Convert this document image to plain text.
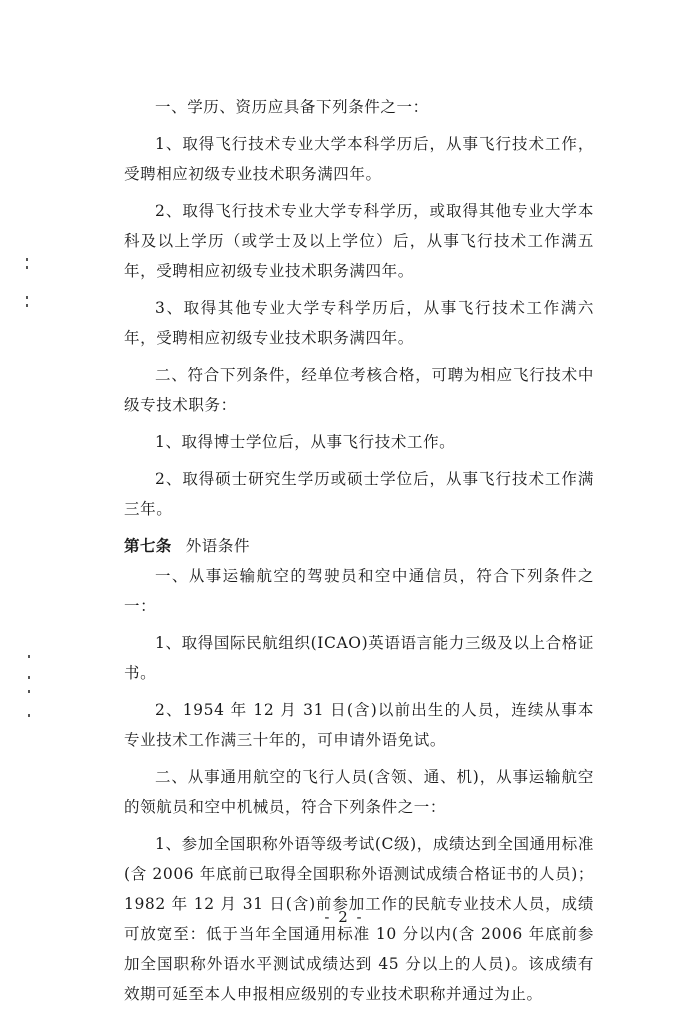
一、学历、资历应具备下列条件之一：

1、取得飞行技术专业大学本科学历后，从事飞行技术工作，受聘相应初级专业技术职务满四年。

2、取得飞行技术专业大学专科学历，或取得其他专业大学本科及以上学历（或学士及以上学位）后，从事飞行技术工作满五年，受聘相应初级专业技术职务满四年。

3、取得其他专业大学专科学历后，从事飞行技术工作满六年，受聘相应初级专业技术职务满四年。

二、符合下列条件，经单位考核合格，可聘为相应飞行技术中级专技术职务：

1、取得博士学位后，从事飞行技术工作。

2、取得硕士研究生学历或硕士学位后，从事飞行技术工作满三年。

第七条 外语条件

一、从事运输航空的驾驶员和空中通信员，符合下列条件之一：

1、取得国际民航组织(ICAO)英语语言能力三级及以上合格证书。

2、1954 年 12 月 31 日(含)以前出生的人员，连续从事本专业技术工作满三十年的，可申请外语免试。

二、从事通用航空的飞行人员(含领、通、机)，从事运输航空的领航员和空中机械员，符合下列条件之一：

1、参加全国职称外语等级考试(C级)，成绩达到全国通用标准(含 2006 年底前已取得全国职称外语测试成绩合格证书的人员)；1982 年 12 月 31 日(含)前参加工作的民航专业技术人员，成绩可放宽至：低于当年全国通用标准 10 分以内(含 2006 年底前参加全国职称外语水平测试成绩达到 45 分以上的人员)。该成绩有效期可延至本人申报相应级别的专业技术职称并通过为止。

- 2 -
